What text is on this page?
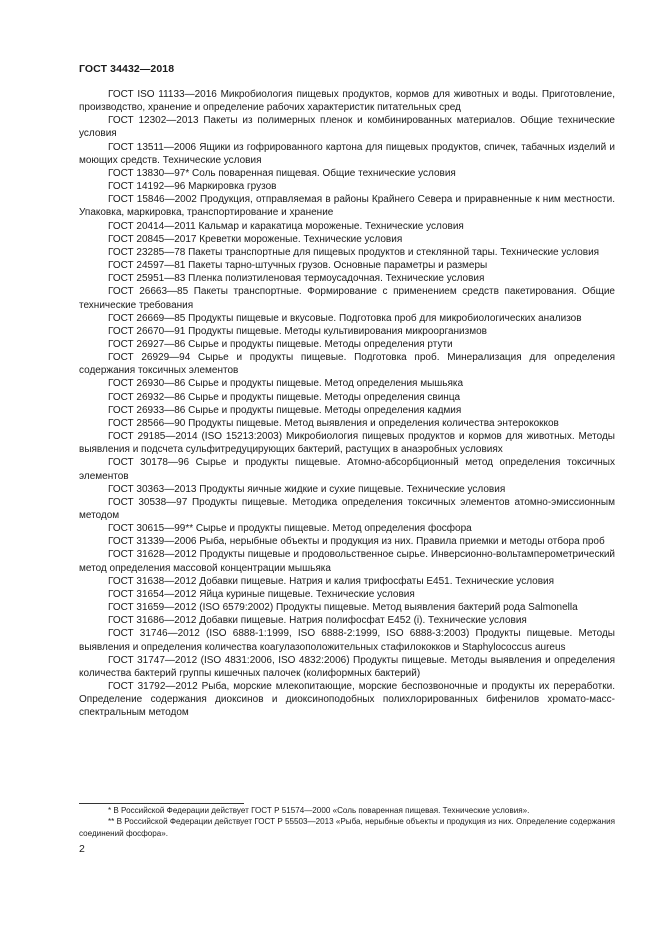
ГОСТ 34432—2018

ГОСТ ISO 11133—2016 Микробиология пищевых продуктов, кормов для животных и воды. Приготовление, производство, хранение и определение рабочих характеристик питательных сред

ГОСТ 12302—2013 Пакеты из полимерных пленок и комбинированных материалов. Общие технические условия

ГОСТ 13511—2006 Ящики из гофрированного картона для пищевых продуктов, спичек, табачных изделий и моющих средств. Технические условия

ГОСТ 13830—97* Соль поваренная пищевая. Общие технические условия

ГОСТ 14192—96 Маркировка грузов

ГОСТ 15846—2002 Продукция, отправляемая в районы Крайнего Севера и приравненные к ним местности. Упаковка, маркировка, транспортирование и хранение

ГОСТ 20414—2011 Кальмар и каракатица мороженые. Технические условия

ГОСТ 20845—2017 Креветки мороженые. Технические условия

ГОСТ 23285—78 Пакеты транспортные для пищевых продуктов и стеклянной тары. Технические условия

ГОСТ 24597—81 Пакеты тарно-штучных грузов. Основные параметры и размеры

ГОСТ 25951—83 Пленка полиэтиленовая термоусадочная. Технические условия

ГОСТ 26663—85 Пакеты транспортные. Формирование с применением средств пакетирования. Общие технические требования

ГОСТ 26669—85 Продукты пищевые и вкусовые. Подготовка проб для микробиологических анализов

ГОСТ 26670—91 Продукты пищевые. Методы культивирования микроорганизмов

ГОСТ 26927—86 Сырье и продукты пищевые. Методы определения ртути

ГОСТ 26929—94 Сырье и продукты пищевые. Подготовка проб. Минерализация для определения содержания токсичных элементов

ГОСТ 26930—86 Сырье и продукты пищевые. Метод определения мышьяка

ГОСТ 26932—86 Сырье и продукты пищевые. Методы определения свинца

ГОСТ 26933—86 Сырье и продукты пищевые. Методы определения кадмия

ГОСТ 28566—90 Продукты пищевые. Метод выявления и определения количества энтерококков

ГОСТ 29185—2014 (ISO 15213:2003) Микробиология пищевых продуктов и кормов для животных. Методы выявления и подсчета сульфитредуцирующих бактерий, растущих в анаэробных условиях

ГОСТ 30178—96 Сырье и продукты пищевые. Атомно-абсорбционный метод определения токсичных элементов

ГОСТ 30363—2013 Продукты яичные жидкие и сухие пищевые. Технические условия

ГОСТ 30538—97 Продукты пищевые. Методика определения токсичных элементов атомно-эмиссионным методом

ГОСТ 30615—99** Сырье и продукты пищевые. Метод определения фосфора

ГОСТ 31339—2006 Рыба, нерыбные объекты и продукция из них. Правила приемки и методы отбора проб

ГОСТ 31628—2012 Продукты пищевые и продовольственное сырье. Инверсионно-вольтамперометрический метод определения массовой концентрации мышьяка

ГОСТ 31638—2012 Добавки пищевые. Натрия и калия трифосфаты Е451. Технические условия

ГОСТ 31654—2012 Яйца куриные пищевые. Технические условия

ГОСТ 31659—2012 (ISO 6579:2002) Продукты пищевые. Метод выявления бактерий рода Salmonella

ГОСТ 31686—2012 Добавки пищевые. Натрия полифосфат Е452 (i). Технические условия

ГОСТ 31746—2012 (ISO 6888-1:1999, ISO 6888-2:1999, ISO 6888-3:2003) Продукты пищевые. Методы выявления и определения количества коагулазоположительных стафилококков и Staphylococcus aureus

ГОСТ 31747—2012 (ISO 4831:2006, ISO 4832:2006) Продукты пищевые. Методы выявления и определения количества бактерий группы кишечных палочек (колиформных бактерий)

ГОСТ 31792—2012 Рыба, морские млекопитающие, морские беспозвоночные и продукты их переработки. Определение содержания диоксинов и диоксиноподобных полихлорированных бифенилов хромато-масс-спектральным методом

* В Российской Федерации действует ГОСТ Р 51574—2000 «Соль поваренная пищевая. Технические условия».

** В Российской Федерации действует ГОСТ Р 55503—2013 «Рыба, нерыбные объекты и продукция из них. Определение содержания соединений фосфора».

2
